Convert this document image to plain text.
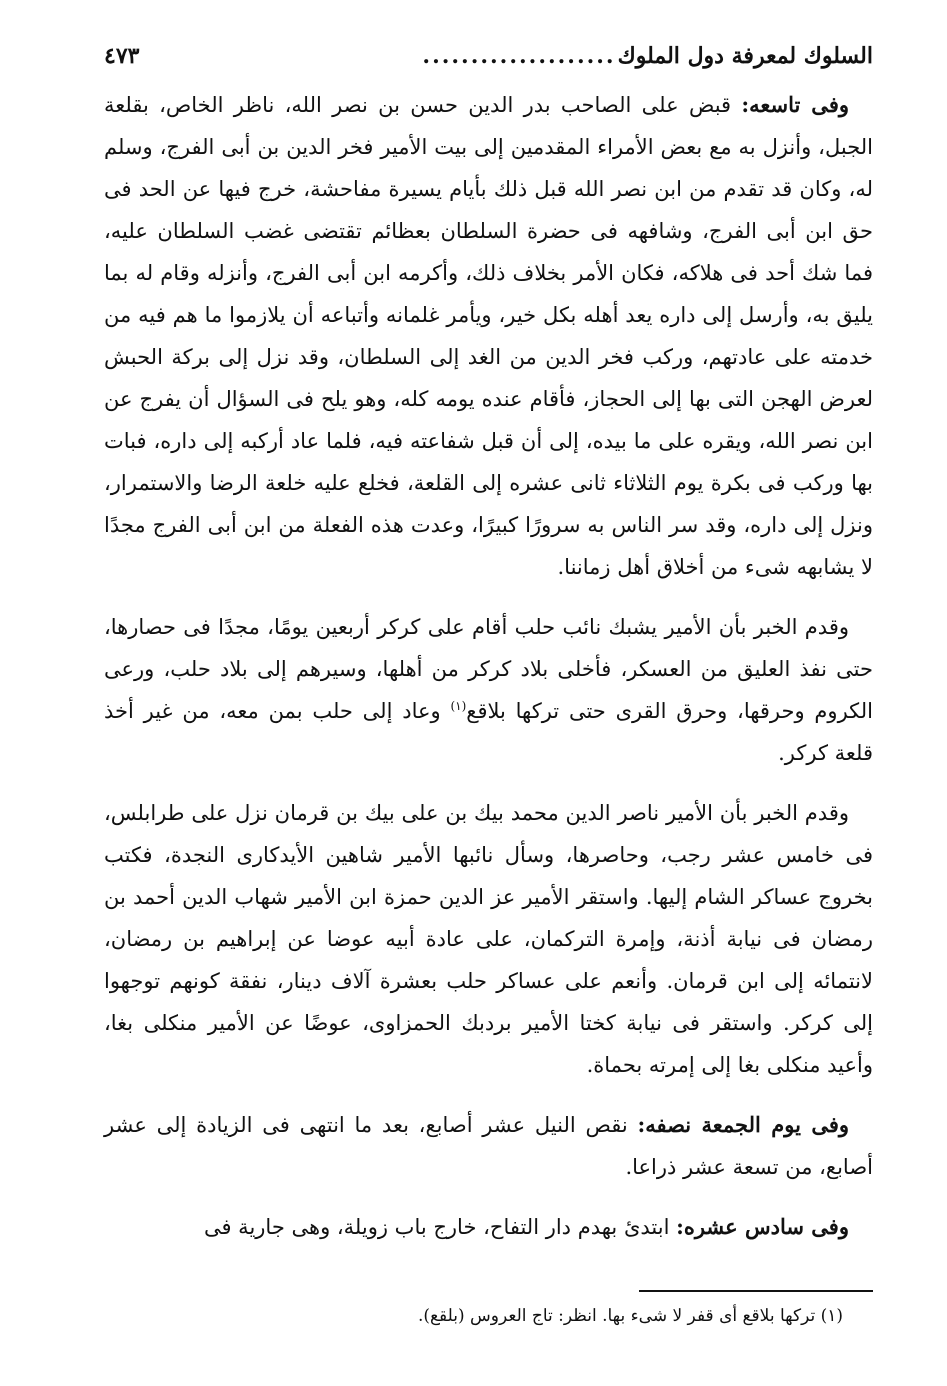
السلوك لمعرفة دول الملوك
....................
٤٧٣

وفى تاسعه: قبض على الصاحب بدر الدين حسن بن نصر الله، ناظر الخاص، بقلعة الجبل، وأنزل به مع بعض الأمراء المقدمين إلى بيت الأمير فخر الدين بن أبى الفرج، وسلم له، وكان قد تقدم من ابن نصر الله قبل ذلك بأيام يسيرة مفاحشة، خرج فيها عن الحد فى حق ابن أبى الفرج، وشافهه فى حضرة السلطان بعظائم تقتضى غضب السلطان عليه، فما شك أحد فى هلاكه، فكان الأمر بخلاف ذلك، وأكرمه ابن أبى الفرج، وأنزله وقام له بما يليق به، وأرسل إلى داره يعد أهله بكل خير، ويأمر غلمانه وأتباعه أن يلازموا ما هم فيه من خدمته على عادتهم، وركب فخر الدين من الغد إلى السلطان، وقد نزل إلى بركة الحبش لعرض الهجن التى بها إلى الحجاز، فأقام عنده يومه كله، وهو يلح فى السؤال أن يفرج عن ابن نصر الله، ويقره على ما بيده، إلى أن قبل شفاعته فيه، فلما عاد أركبه إلى داره، فبات بها وركب فى بكرة يوم الثلاثاء ثانى عشره إلى القلعة، فخلع عليه خلعة الرضا والاستمرار، ونزل إلى داره، وقد سر الناس به سرورًا كبيرًا، وعدت هذه الفعلة من ابن أبى الفرج مجدًا لا يشابهه شىء من أخلاق أهل زماننا.

وقدم الخبر بأن الأمير يشبك نائب حلب أقام على كركر أربعين يومًا، مجدًا فى حصارها، حتى نفذ العليق من العسكر، فأخلى بلاد كركر من أهلها، وسيرهم إلى بلاد حلب، ورعى الكروم وحرقها، وحرق القرى حتى تركها بلاقع$^{(١)}$ وعاد إلى حلب بمن معه، من غير أخذ قلعة كركر.

وقدم الخبر بأن الأمير ناصر الدين محمد بيك بن على بيك بن قرمان نزل على طرابلس، فى خامس عشر رجب، وحاصرها، وسأل نائبها الأمير شاهين الأيدكارى النجدة، فكتب بخروج عساكر الشام إليها. واستقر الأمير عز الدين حمزة ابن الأمير شهاب الدين أحمد بن رمضان فى نيابة أذنة، وإمرة التركمان، على عادة أبيه عوضا عن إبراهيم بن رمضان، لانتمائه إلى ابن قرمان. وأنعم على عساكر حلب بعشرة آلاف دينار، نفقة كونهم توجهوا إلى كركر. واستقر فى نيابة كختا الأمير بردبك الحمزاوى، عوضًا عن الأمير منكلى بغا، وأعيد منكلى بغا إلى إمرته بحماة.

وفى يوم الجمعة نصفه: نقص النيل عشر أصابع، بعد ما انتهى فى الزيادة إلى عشر أصابع، من تسعة عشر ذراعا.

وفى سادس عشره: ابتدئ بهدم دار التفاح، خارج باب زويلة، وهى جارية فى

(١) تركها بلاقع أى قفر لا شىء بها. انظر: تاج العروس (بلقع).
